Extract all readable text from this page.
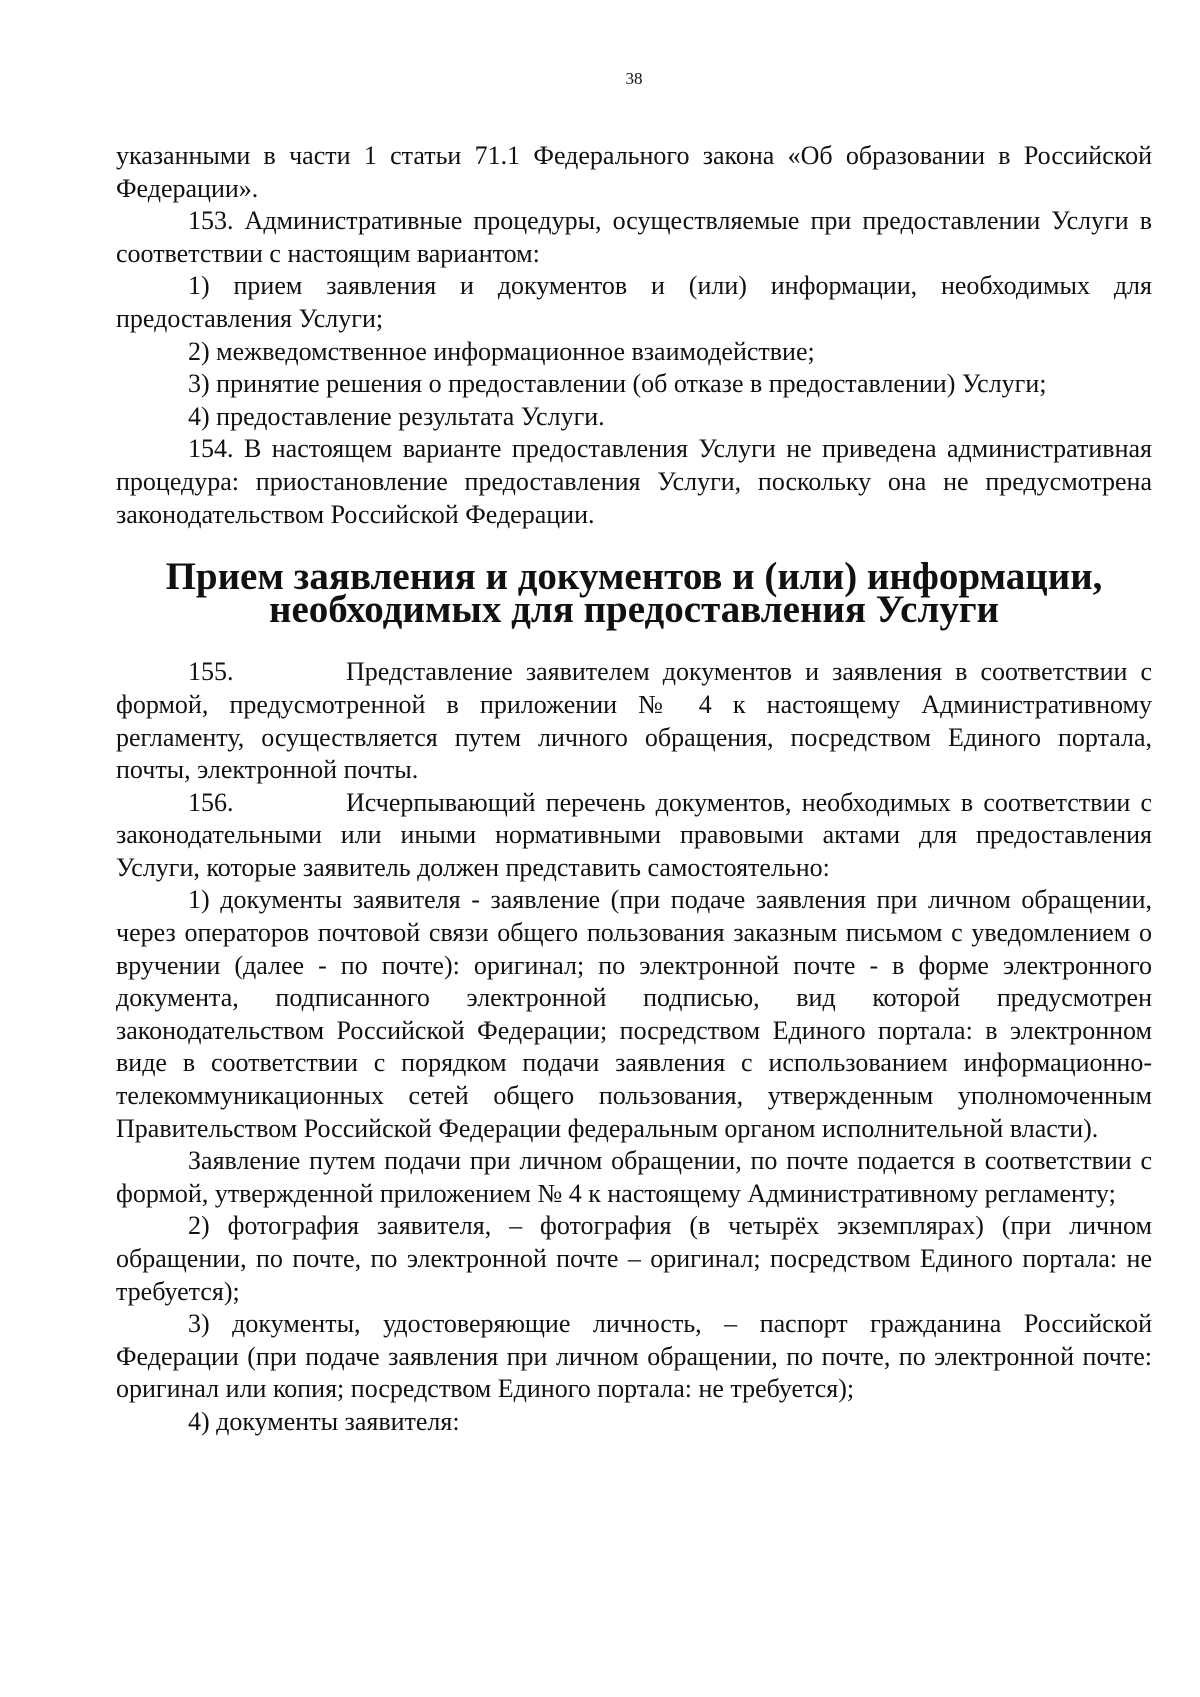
38

указанными в части 1 статьи 71.1 Федерального закона «Об образовании в Российской Федерации».

153. Административные процедуры, осуществляемые при предоставлении Услуги в соответствии с настоящим вариантом:

1) прием заявления и документов и (или) информации, необходимых для предоставления Услуги;

2) межведомственное информационное взаимодействие;

3) принятие решения о предоставлении (об отказе в предоставлении) Услуги;

4) предоставление результата Услуги.

154. В настоящем варианте предоставления Услуги не приведена административная процедура: приостановление предоставления Услуги, поскольку она не предусмотрена законодательством Российской Федерации.

Прием заявления и документов и (или) информации, необходимых для предоставления Услуги

155.	Представление заявителем документов и заявления в соответствии с формой, предусмотренной в приложении № 4 к настоящему Административному регламенту, осуществляется путем личного обращения, посредством Единого портала, почты, электронной почты.

156.	Исчерпывающий перечень документов, необходимых в соответствии с законодательными или иными нормативными правовыми актами для предоставления Услуги, которые заявитель должен представить самостоятельно:

1) документы заявителя - заявление (при подаче заявления при личном обращении, через операторов почтовой связи общего пользования заказным письмом с уведомлением о вручении (далее - по почте): оригинал; по электронной почте - в форме электронного документа, подписанного электронной подписью, вид которой предусмотрен законодательством Российской Федерации; посредством Единого портала: в электронном виде в соответствии с порядком подачи заявления с использованием информационно-телекоммуникационных сетей общего пользования, утвержденным уполномоченным Правительством Российской Федерации федеральным органом исполнительной власти).

Заявление путем подачи при личном обращении, по почте подается в соответствии с формой, утвержденной приложением № 4 к настоящему Административному регламенту;

2) фотография заявителя, – фотография (в четырёх экземплярах) (при личном обращении, по почте, по электронной почте – оригинал; посредством Единого портала: не требуется);

3) документы, удостоверяющие личность, – паспорт гражданина Российской Федерации (при подаче заявления при личном обращении, по почте, по электронной почте: оригинал или копия; посредством Единого портала: не требуется);

4) документы заявителя:
